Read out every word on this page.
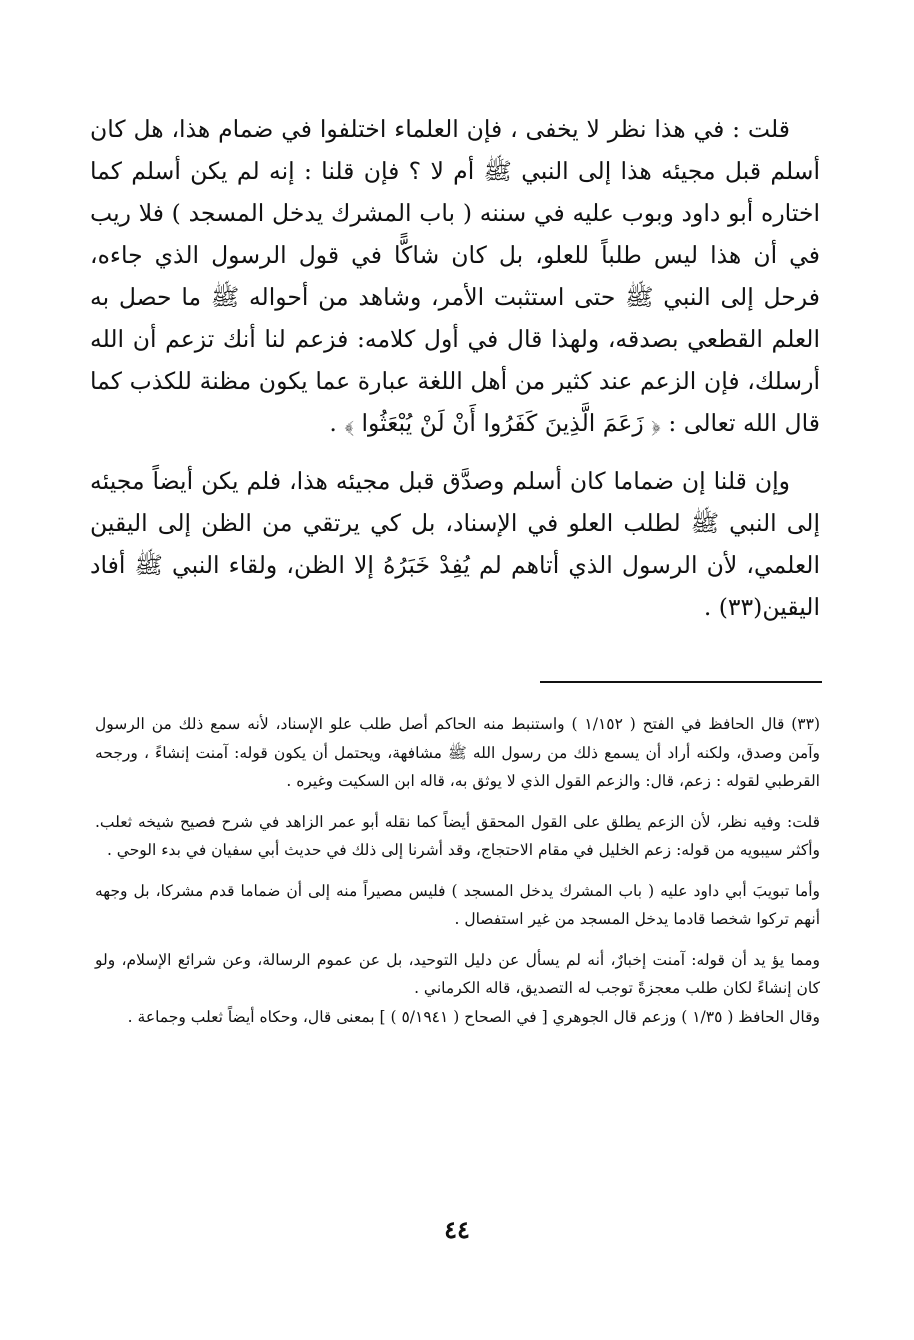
قلت : في هذا نظر لا يخفى ، فإن العلماء اختلفوا في ضمام هذا، هل كان أسلم قبل مجيئه هذا إلى النبي ﷺ أم لا ؟ فإن قلنا : إنه لم يكن أسلم كما اختاره أبو داود وبوب عليه في سننه ( باب المشرك يدخل المسجد ) فلا ريب في أن هذا ليس طلباً للعلو، بل كان شاكًّا في قول الرسول الذي جاءه، فرحل إلى النبي ﷺ حتى استثبت الأمر، وشاهد من أحواله ﷺ ما حصل به العلم القطعي بصدقه، ولهذا قال في أول كلامه: فزعم لنا أنك تزعم أن الله أرسلك، فإن الزعم عند كثير من أهل اللغة عبارة عما يكون مظنة للكذب كما قال الله تعالى : ﴿ زَعَمَ الَّذِينَ كَفَرُوا أَنْ لَنْ يُبْعَثُوا ﴾ .

وإن قلنا إن ضماما كان أسلم وصدَّق قبل مجيئه هذا، فلم يكن أيضاً مجيئه إلى النبي ﷺ لطلب العلو في الإسناد، بل كي يرتقي من الظن إلى اليقين العلمي، لأن الرسول الذي أتاهم لم يُفِدْ خَبَرُهُ إلا الظن، ولقاء النبي ﷺ أفاد اليقين(٣٣) .

(٣٣) قال الحافظ في الفتح ( ١/١٥٢ ) واستنبط منه الحاكم أصل طلب علو الإسناد، لأنه سمع ذلك من الرسول وآمن وصدق، ولكنه أراد أن يسمع ذلك من رسول الله ﷺ مشافهة، ويحتمل أن يكون قوله: آمنت إنشاءً ، ورجحه القرطبي لقوله : زعم، قال: والزعم القول الذي لا يوثق به، قاله ابن السكيت وغيره .

قلت: وفيه نظر، لأن الزعم يطلق على القول المحقق أيضاً كما نقله أبو عمر الزاهد في شرح فصيح شيخه ثعلب. وأكثر سيبويه من قوله: زعم الخليل في مقام الاحتجاج، وقد أشرنا إلى ذلك في حديث أبي سفيان في بدء الوحي .

وأما تبويبَ أبي داود عليه ( باب المشرك يدخل المسجد ) فليس مصيراً منه إلى أن ضماما قدم مشركا، بل وجهه أنهم تركوا شخصا قادما يدخل المسجد من غير استفصال .

ومما يؤ يد أن قوله: آمنت إخبارٌ، أنه لم يسأل عن دليل التوحيد، بل عن عموم الرسالة، وعن شرائع الإسلام، ولو كان إنشاءً لكان طلب معجزةً توجب له التصديق، قاله الكرماني .

وقال الحافظ ( ١/٣٥ ) وزعم قال الجوهري [ في الصحاح ( ٥/١٩٤١ ) ] بمعنى قال، وحكاه أيضاً ثعلب وجماعة .

٤٤
